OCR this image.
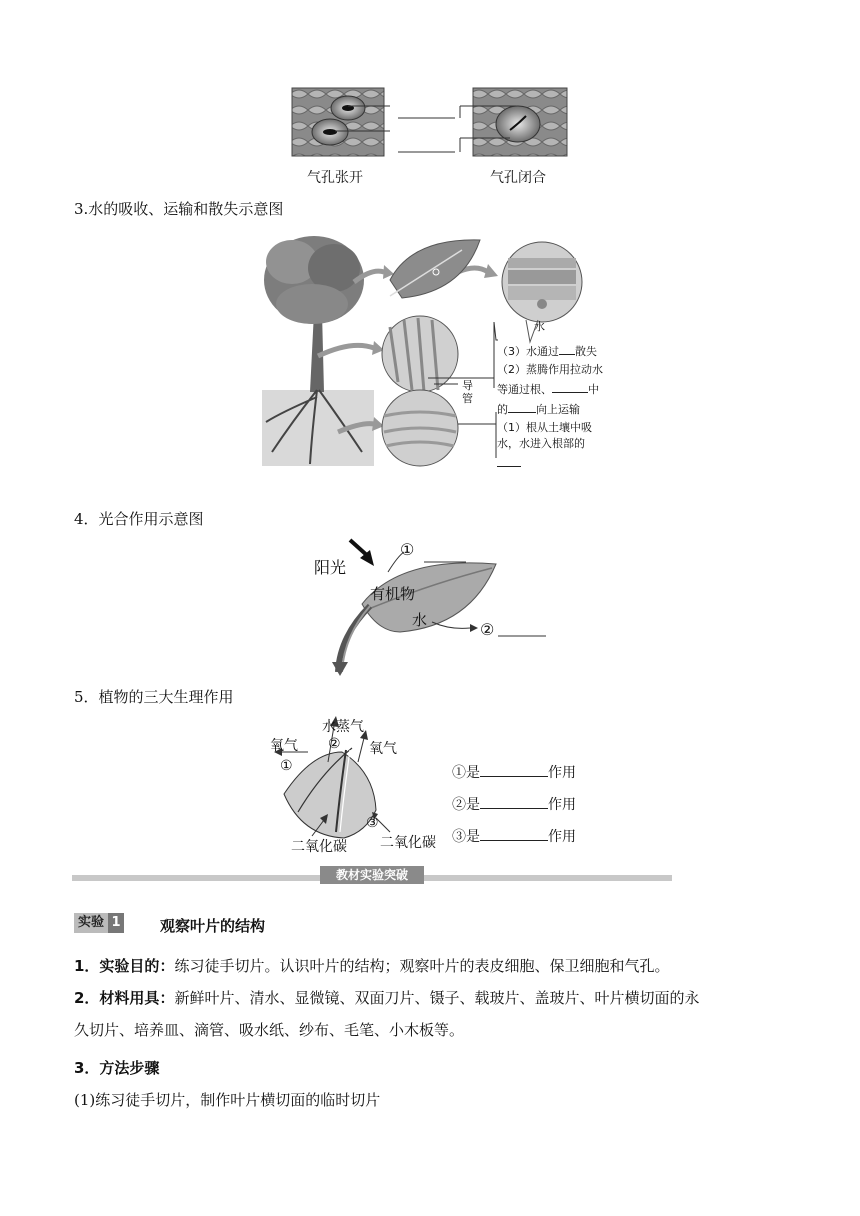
气孔张开	气孔闭合
3.水的吸收、运输和散失示意图
水
（3）水通过 散失
（2）蒸腾作用拉动水
等通过根、	中
的	向上运输
导管
（1）根从土壤中吸
水，水进入根部的
4．光合作用示意图
阳光
①
有机物
水	②
5．植物的三大生理作用
水蒸气
氧气 ② 氧气
①
③
二氧化碳 二氧化碳
①是	作用
②是	作用
③是	作用
教材实验突破
实验 1	观察叶片的结构
1．实验目的：练习徒手切片。认识叶片的结构；观察叶片的表皮细胞、保卫细胞和气孔。
2．材料用具：新鲜叶片、清水、显微镜、双面刀片、镊子、载玻片、盖玻片、叶片横切面的永
久切片、培养皿、滴管、吸水纸、纱布、毛笔、小木板等。
3．方法步骤
(1)练习徒手切片，制作叶片横切面的临时切片
